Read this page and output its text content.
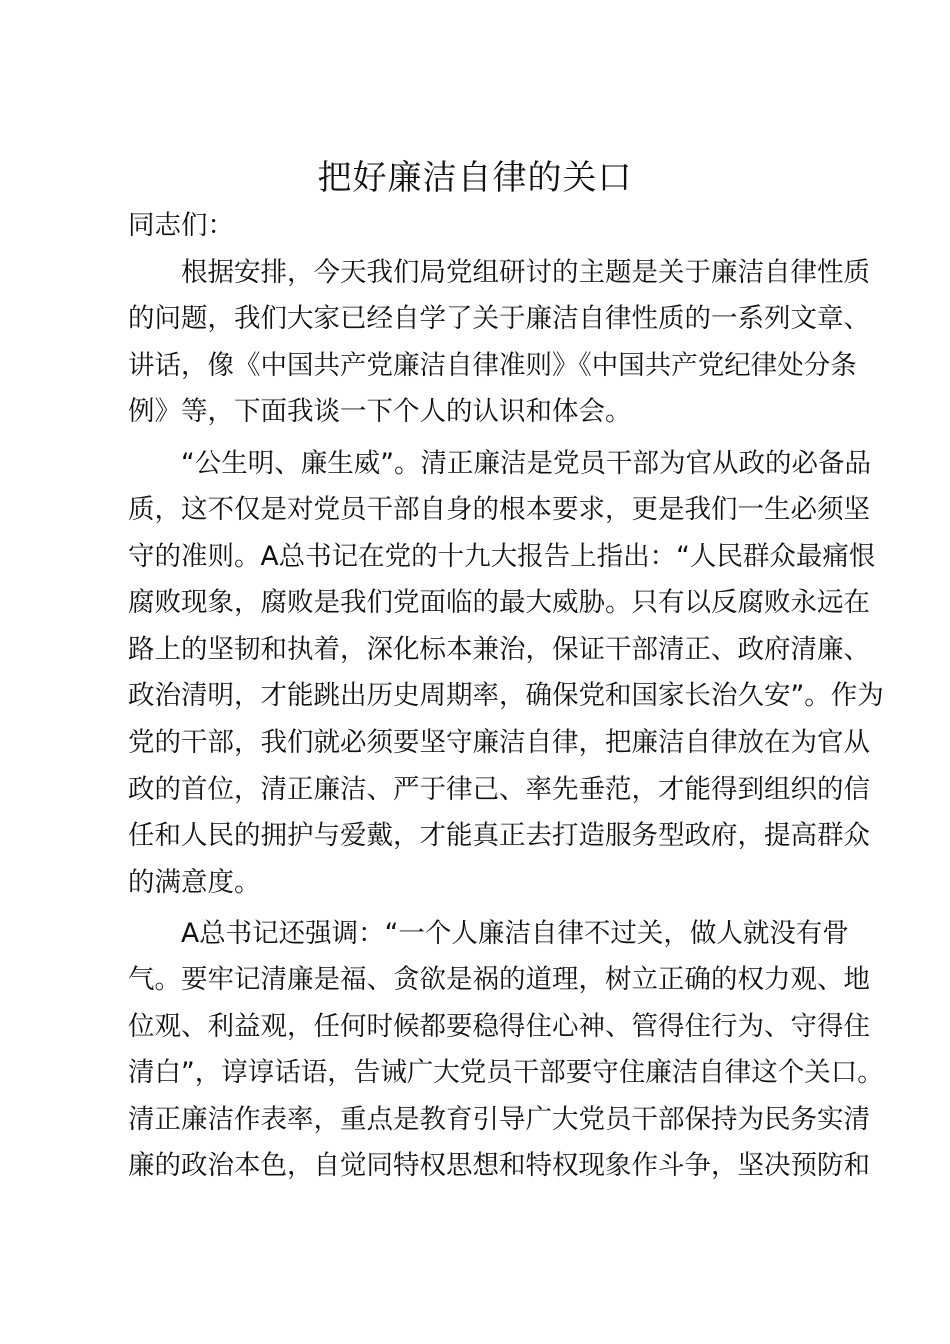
把好廉洁自律的关口

同志们：

　　根据安排，今天我们局党组研讨的主题是关于廉洁自律性质

的问题，我们大家已经自学了关于廉洁自律性质的一系列文章、

讲话，像《中国共产党廉洁自律准则》《中国共产党纪律处分条

例》等，下面我谈一下个人的认识和体会。

　　“公生明、廉生威”。清正廉洁是党员干部为官从政的必备品

质，这不仅是对党员干部自身的根本要求，更是我们一生必须坚

守的准则。A总书记在党的十九大报告上指出：“人民群众最痛恨

腐败现象，腐败是我们党面临的最大威胁。只有以反腐败永远在

路上的坚韧和执着，深化标本兼治，保证干部清正、政府清廉、

政治清明，才能跳出历史周期率，确保党和国家长治久安”。作为

党的干部，我们就必须要坚守廉洁自律，把廉洁自律放在为官从

政的首位，清正廉洁、严于律己、率先垂范，才能得到组织的信

任和人民的拥护与爱戴，才能真正去打造服务型政府，提高群众

的满意度。

　　A总书记还强调：“一个人廉洁自律不过关，做人就没有骨

气。要牢记清廉是福、贪欲是祸的道理，树立正确的权力观、地

位观、利益观，任何时候都要稳得住心神、管得住行为、守得住

清白”，谆谆话语，告诫广大党员干部要守住廉洁自律这个关口。

清正廉洁作表率，重点是教育引导广大党员干部保持为民务实清

廉的政治本色，自觉同特权思想和特权现象作斗争，坚决预防和
